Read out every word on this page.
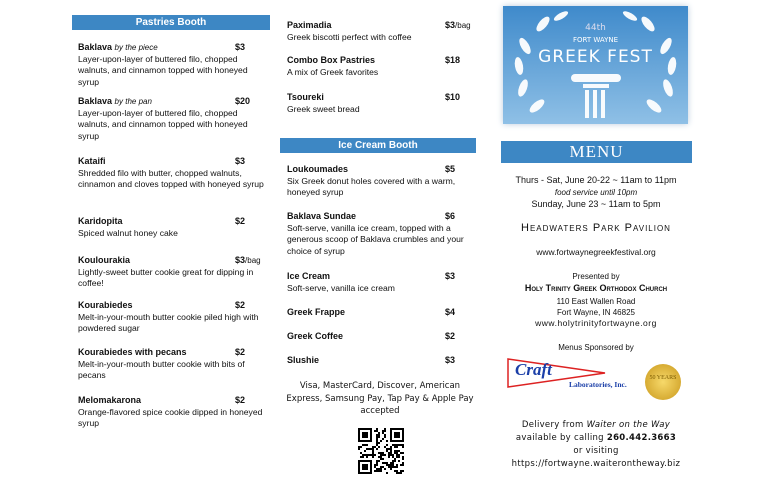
Pastries Booth
Baklava by the piece	$3
Layer-upon-layer of buttered filo, chopped walnuts, and cinnamon topped with honeyed syrup
Baklava by the pan	$20
Layer-upon-layer of buttered filo, chopped walnuts, and cinnamon topped with honeyed syrup
Kataifi	$3
Shredded filo with butter, chopped walnuts, cinnamon and cloves topped with honeyed syrup
Karidopita	$2
Spiced walnut honey cake
Koulourakia	$3/bag
Lightly-sweet butter cookie great for dipping in coffee!
Kourabiedes	$2
Melt-in-your-mouth butter cookie piled high with powdered sugar
Kourabiedes with pecans	$2
Melt-in-your-mouth butter cookie with bits of pecans
Melomakarona	$2
Orange-flavored spice cookie dipped in honeyed syrup
Paximadia	$3/bag
Greek biscotti perfect with coffee
Combo Box Pastries	$18
A mix of Greek favorites
Tsoureki	$10
Greek sweet bread
Ice Cream Booth
Loukoumades	$5
Six Greek donut holes covered with a warm, honeyed syrup
Baklava Sundae	$6
Soft-serve, vanilla ice cream, topped with a generous scoop of Baklava crumbles and your choice of syrup
Ice Cream	$3
Soft-serve, vanilla ice cream
Greek Frappe	$4
Greek Coffee	$2
Slushie	$3
Visa, MasterCard, Discover, American Express, Samsung Pay, Tap Pay & Apple Pay accepted
44th
FORT WAYNE
GREEK FEST
MENU
Thurs - Sat, June 20-22 ~ 11am to 11pm
food service until 10pm
Sunday, June 23 ~ 11am to 5pm
Headwaters Park Pavilion
www.fortwaynegreekfestival.org
Presented by
Holy Trinity Greek Orthodox Church
110 East Wallen Road
Fort Wayne, IN 46825
www.holytrinityfortwayne.org
Menus Sponsored by
Craft
Laboratories, Inc.
50 YEARS
Delivery from Waiter on the Way
available by calling 260.442.3663
or visiting
https://fortwayne.waiterontheway.biz
